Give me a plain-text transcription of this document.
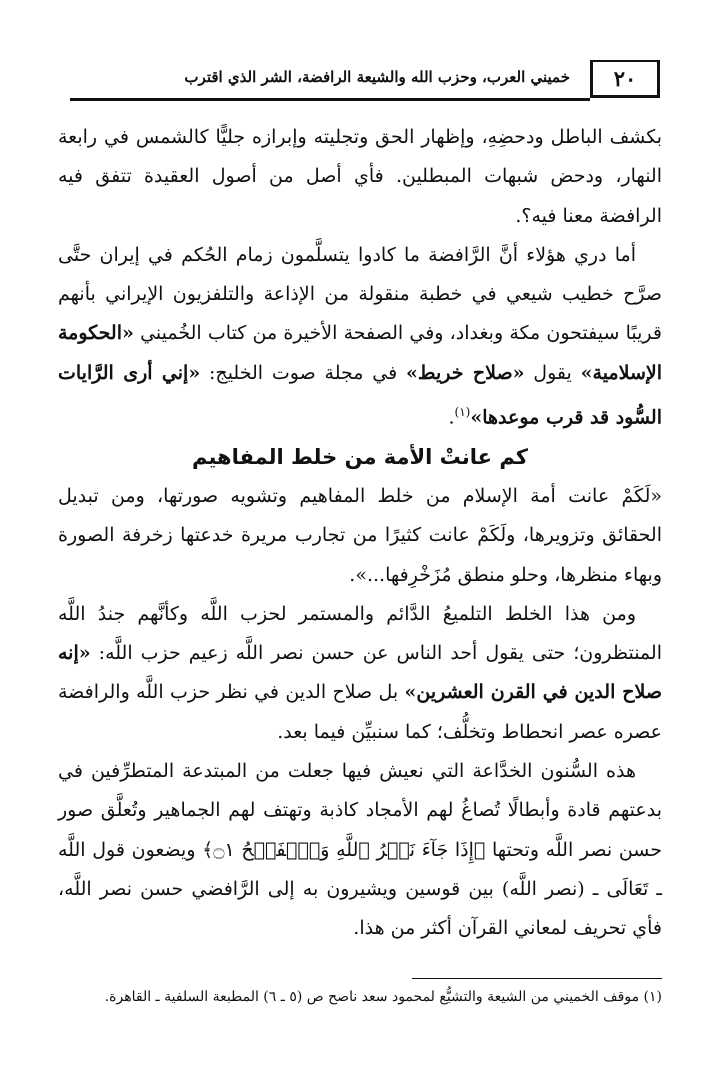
٢٠
خميني العرب، وحزب الله والشيعة الرافضة، الشر الذي اقترب

بكشف الباطل ودحضِهِ، وإظهار الحق وتجليته وإبرازه جليًّا كالشمس في رابعة النهار، ودحض شبهات المبطلين. فأي أصل من أصول العقيدة تتفق فيه الرافضة معنا فيه؟.

أما دري هؤلاء أنَّ الرَّافضة ما كادوا يتسلَّمون زمام الحُكم في إيران حتَّى صرَّح خطيب شيعي في خطبة منقولة من الإذاعة والتلفزيون الإيراني بأنهم قريبًا سيفتحون مكة وبغداد، وفي الصفحة الأخيرة من كتاب الخُميني «الحكومة الإسلامية» يقول «صلاح خريط» في مجلة صوت الخليج: «إني أرى الرَّايات السُّود قد قرب موعدها»$^{(١)}$.

كم عانتْ الأمة من خلط المفاهيم

«لَكَمْ عانت أمة الإسلام من خلط المفاهيم وتشويه صورتها، ومن تبديل الحقائق وتزويرها، ولَكَمْ عانت كثيرًا من تجارب مريرة خدعتها زخرفة الصورة وبهاء منظرها، وحلو منطق مُزَخْرِفها...».

ومن هذا الخلط التلميعُ الدَّائم والمستمر لحزب اللَّه وكأنَّهم جندُ اللَّه المنتظرون؛ حتى يقول أحد الناس عن حسن نصر اللَّه زعيم حزب اللَّه: «إنه صلاح الدين في القرن العشرين» بل صلاح الدين في نظر حزب اللَّه والرافضة عصره عصر انحطاط وتخلُّف؛ كما سنبيِّن فيما بعد.

هذه السُّنون الخدَّاعة التي نعيش فيها جعلت من المبتدعة المتطرِّفين في بدعتهم قادة وأبطالًا تُصاغُ لهم الأمجاد كاذبة وتهتف لهم الجماهير وتُعلَّق صور حسن نصر اللَّه وتحتها ﴿إِذَا جَآءَ نَصۡرُ ٱللَّهِ وَٱلۡفَتۡحُ ۝١﴾ ويضعون قول اللَّه ـ تَعَالَى ـ (نصر اللَّه) بين قوسين ويشيرون به إلى الرَّافضي حسن نصر اللَّه، فأي تحريف لمعاني القرآن أكثر من هذا.

(١) موقف الخميني من الشيعة والتشيُّع لمحمود سعد ناصح ص (٥ ـ ٦) المطبعة السلفية ـ القاهرة.
